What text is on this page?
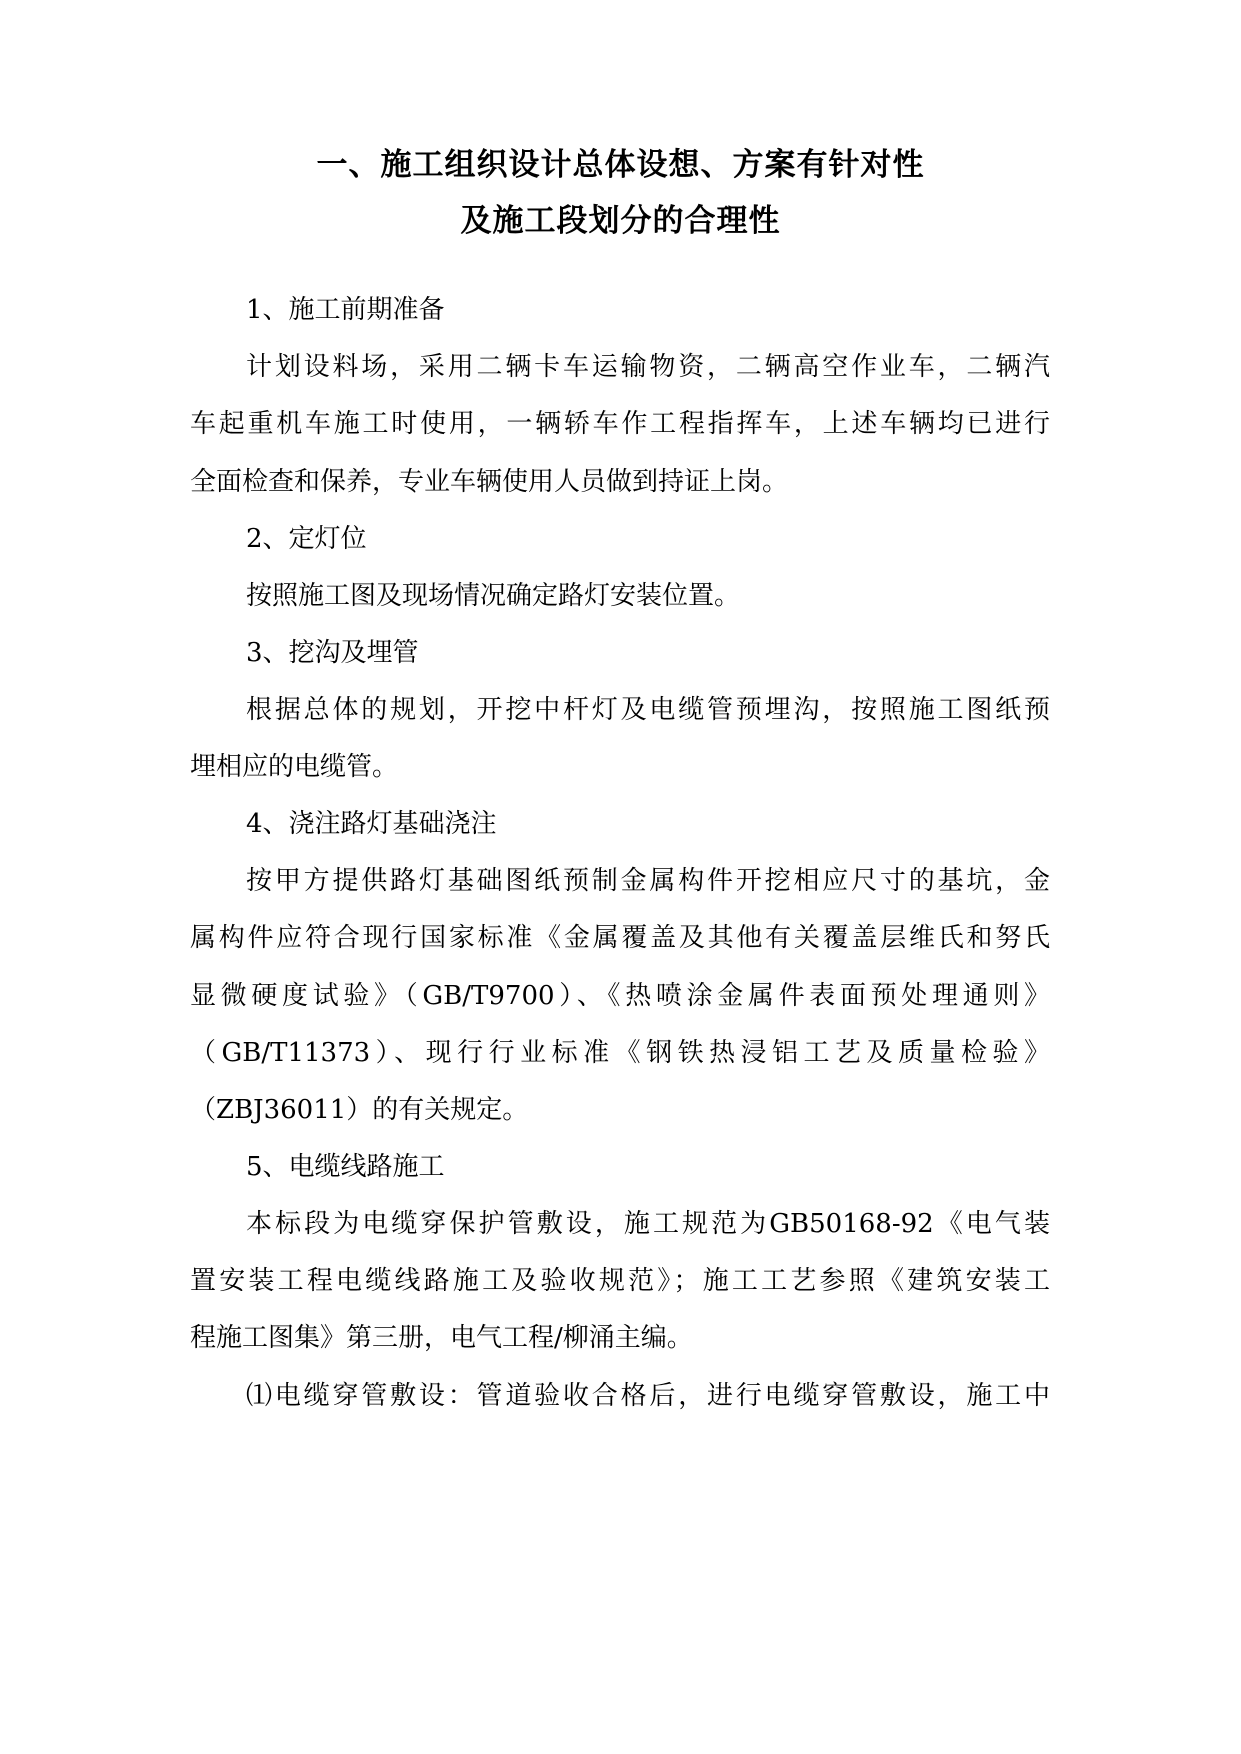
一、施工组织设计总体设想、方案有针对性
及施工段划分的合理性
1、施工前期准备
计划设料场，采用二辆卡车运输物资，二辆高空作业车，二辆汽
车起重机车施工时使用，一辆轿车作工程指挥车，上述车辆均已进行
全面检查和保养，专业车辆使用人员做到持证上岗。
2、定灯位
按照施工图及现场情况确定路灯安装位置。
3、挖沟及埋管
根据总体的规划，开挖中杆灯及电缆管预埋沟，按照施工图纸预
埋相应的电缆管。
4、浇注路灯基础浇注
按甲方提供路灯基础图纸预制金属构件开挖相应尺寸的基坑，金
属构件应符合现行国家标准《金属覆盖及其他有关覆盖层维氏和努氏
显微硬度试验》（GB/T9700）、《热喷涂金属件表面预处理通则》
（GB/T11373）、现行行业标准《钢铁热浸铝工艺及质量检验》
（ZBJ36011）的有关规定。
5、电缆线路施工
本标段为电缆穿保护管敷设，施工规范为GB50168-92《电气装
置安装工程电缆线路施工及验收规范》；施工工艺参照《建筑安装工
程施工图集》第三册，电气工程/柳涌主编。
⑴电缆穿管敷设：管道验收合格后，进行电缆穿管敷设，施工中
